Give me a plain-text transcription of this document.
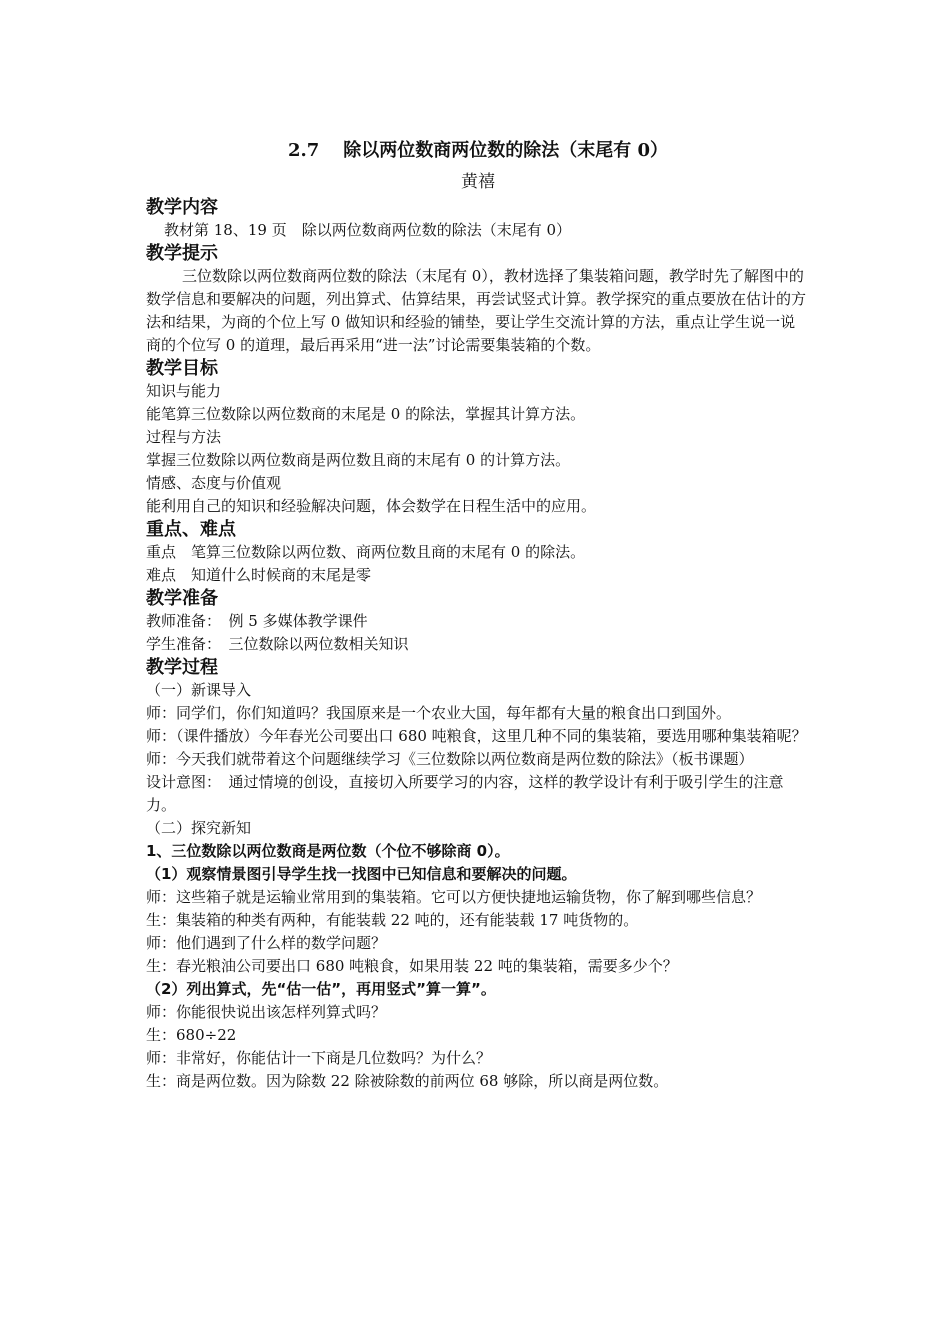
2.7 除以两位数商两位数的除法（末尾有 0）

黄禧

教学内容

教材第 18、19 页　除以两位数商两位数的除法（末尾有 0）

教学提示

三位数除以两位数商两位数的除法（末尾有 0），教材选择了集装箱问题，教学时先了解图中的数学信息和要解决的问题，列出算式、估算结果，再尝试竖式计算。教学探究的重点要放在估计的方法和结果，为商的个位上写 0 做知识和经验的铺垫，要让学生交流计算的方法，重点让学生说一说商的个位写 0 的道理，最后再采用“进一法”讨论需要集装箱的个数。

教学目标

知识与能力

能笔算三位数除以两位数商的末尾是 0 的除法，掌握其计算方法。

过程与方法

掌握三位数除以两位数商是两位数且商的末尾有 0 的计算方法。

情感、态度与价值观

能利用自己的知识和经验解决问题，体会数学在日程生活中的应用。

重点、难点

重点　笔算三位数除以两位数、商两位数且商的末尾有 0 的除法。

难点　知道什么时候商的末尾是零

教学准备

教师准备：　例 5 多媒体教学课件

学生准备：　三位数除以两位数相关知识

教学过程

（一）新课导入

师：同学们，你们知道吗？我国原来是一个农业大国，每年都有大量的粮食出口到国外。

师：（课件播放）今年春光公司要出口 680 吨粮食，这里几种不同的集装箱，要选用哪种集装箱呢？

师：今天我们就带着这个问题继续学习《三位数除以两位数商是两位数的除法》（板书课题）

设计意图：　通过情境的创设，直接切入所要学习的内容，这样的教学设计有利于吸引学生的注意力。

（二）探究新知

1、三位数除以两位数商是两位数（个位不够除商 0）。

（1）观察情景图引导学生找一找图中已知信息和要解决的问题。

师：这些箱子就是运输业常用到的集装箱。它可以方便快捷地运输货物，你了解到哪些信息？

生：集装箱的种类有两种，有能装载 22 吨的，还有能装载 17 吨货物的。

师：他们遇到了什么样的数学问题？

生：春光粮油公司要出口 680 吨粮食，如果用装 22 吨的集装箱，需要多少个？

（2）列出算式，先“估一估”，再用竖式”算一算”。

师：你能很快说出该怎样列算式吗？

生：680÷22

师：非常好，你能估计一下商是几位数吗？为什么？

生：商是两位数。因为除数 22 除被除数的前两位 68 够除，所以商是两位数。
